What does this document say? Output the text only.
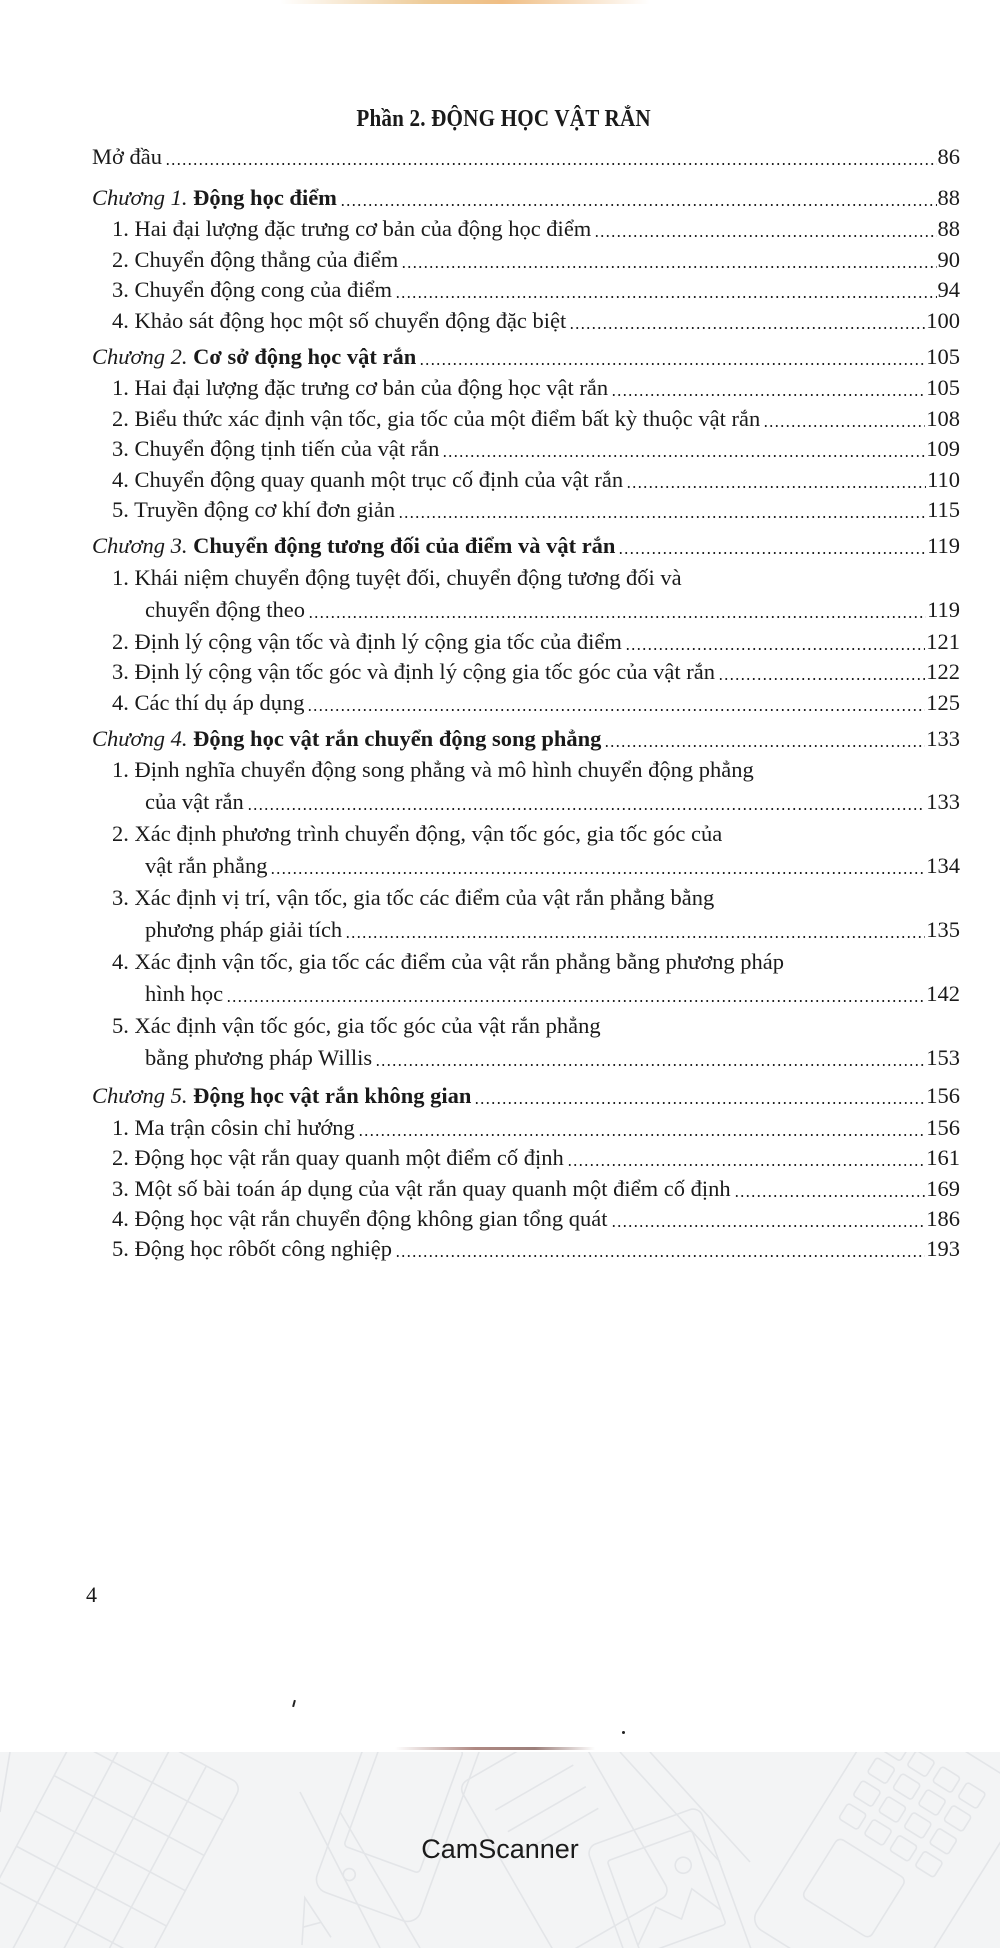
Phần 2. ĐỘNG HỌC VẬT RẮN
Mở đầu	86
Chương 1. Động học điểm	88
1. Hai đại lượng đặc trưng cơ bản của động học điểm	88
2. Chuyển động thẳng của điểm	90
3. Chuyển động cong của điểm	94
4. Khảo sát động học một số chuyển động đặc biệt	100
Chương 2. Cơ sở động học vật rắn	105
1. Hai đại lượng đặc trưng cơ bản của động học vật rắn	105
2. Biểu thức xác định vận tốc, gia tốc của một điểm bất kỳ thuộc vật rắn	108
3. Chuyển động tịnh tiến của vật rắn	109
4. Chuyển động quay quanh một trục cố định của vật rắn	110
5. Truyền động cơ khí đơn giản	115
Chương 3. Chuyển động tương đối của điểm và vật rắn	119
1. Khái niệm chuyển động tuyệt đối, chuyển động tương đối và
chuyển động theo	119
2. Định lý cộng vận tốc và định lý cộng gia tốc của điểm	121
3. Định lý cộng vận tốc góc và định lý cộng gia tốc góc của vật rắn	122
4. Các thí dụ áp dụng	125
Chương 4. Động học vật rắn chuyển động song phẳng	133
1. Định nghĩa chuyển động song phẳng và mô hình chuyển động phẳng
của vật rắn	133
2. Xác định phương trình chuyển động, vận tốc góc, gia tốc góc của
vật rắn phẳng	134
3. Xác định vị trí, vận tốc, gia tốc các điểm của vật rắn phẳng bằng
phương pháp giải tích	135
4. Xác định vận tốc, gia tốc các điểm của vật rắn phẳng bằng phương pháp
hình học	142
5. Xác định vận tốc góc, gia tốc góc của vật rắn phẳng
bằng phương pháp Willis	153
Chương 5. Động học vật rắn không gian	156
1. Ma trận côsin chỉ hướng	156
2. Động học vật rắn quay quanh một điểm cố định	161
3. Một số bài toán áp dụng của vật rắn quay quanh một điểm cố định	169
4. Động học vật rắn chuyển động không gian tổng quát	186
5. Động học rôbốt công nghiệp	193
4
CamScanner
